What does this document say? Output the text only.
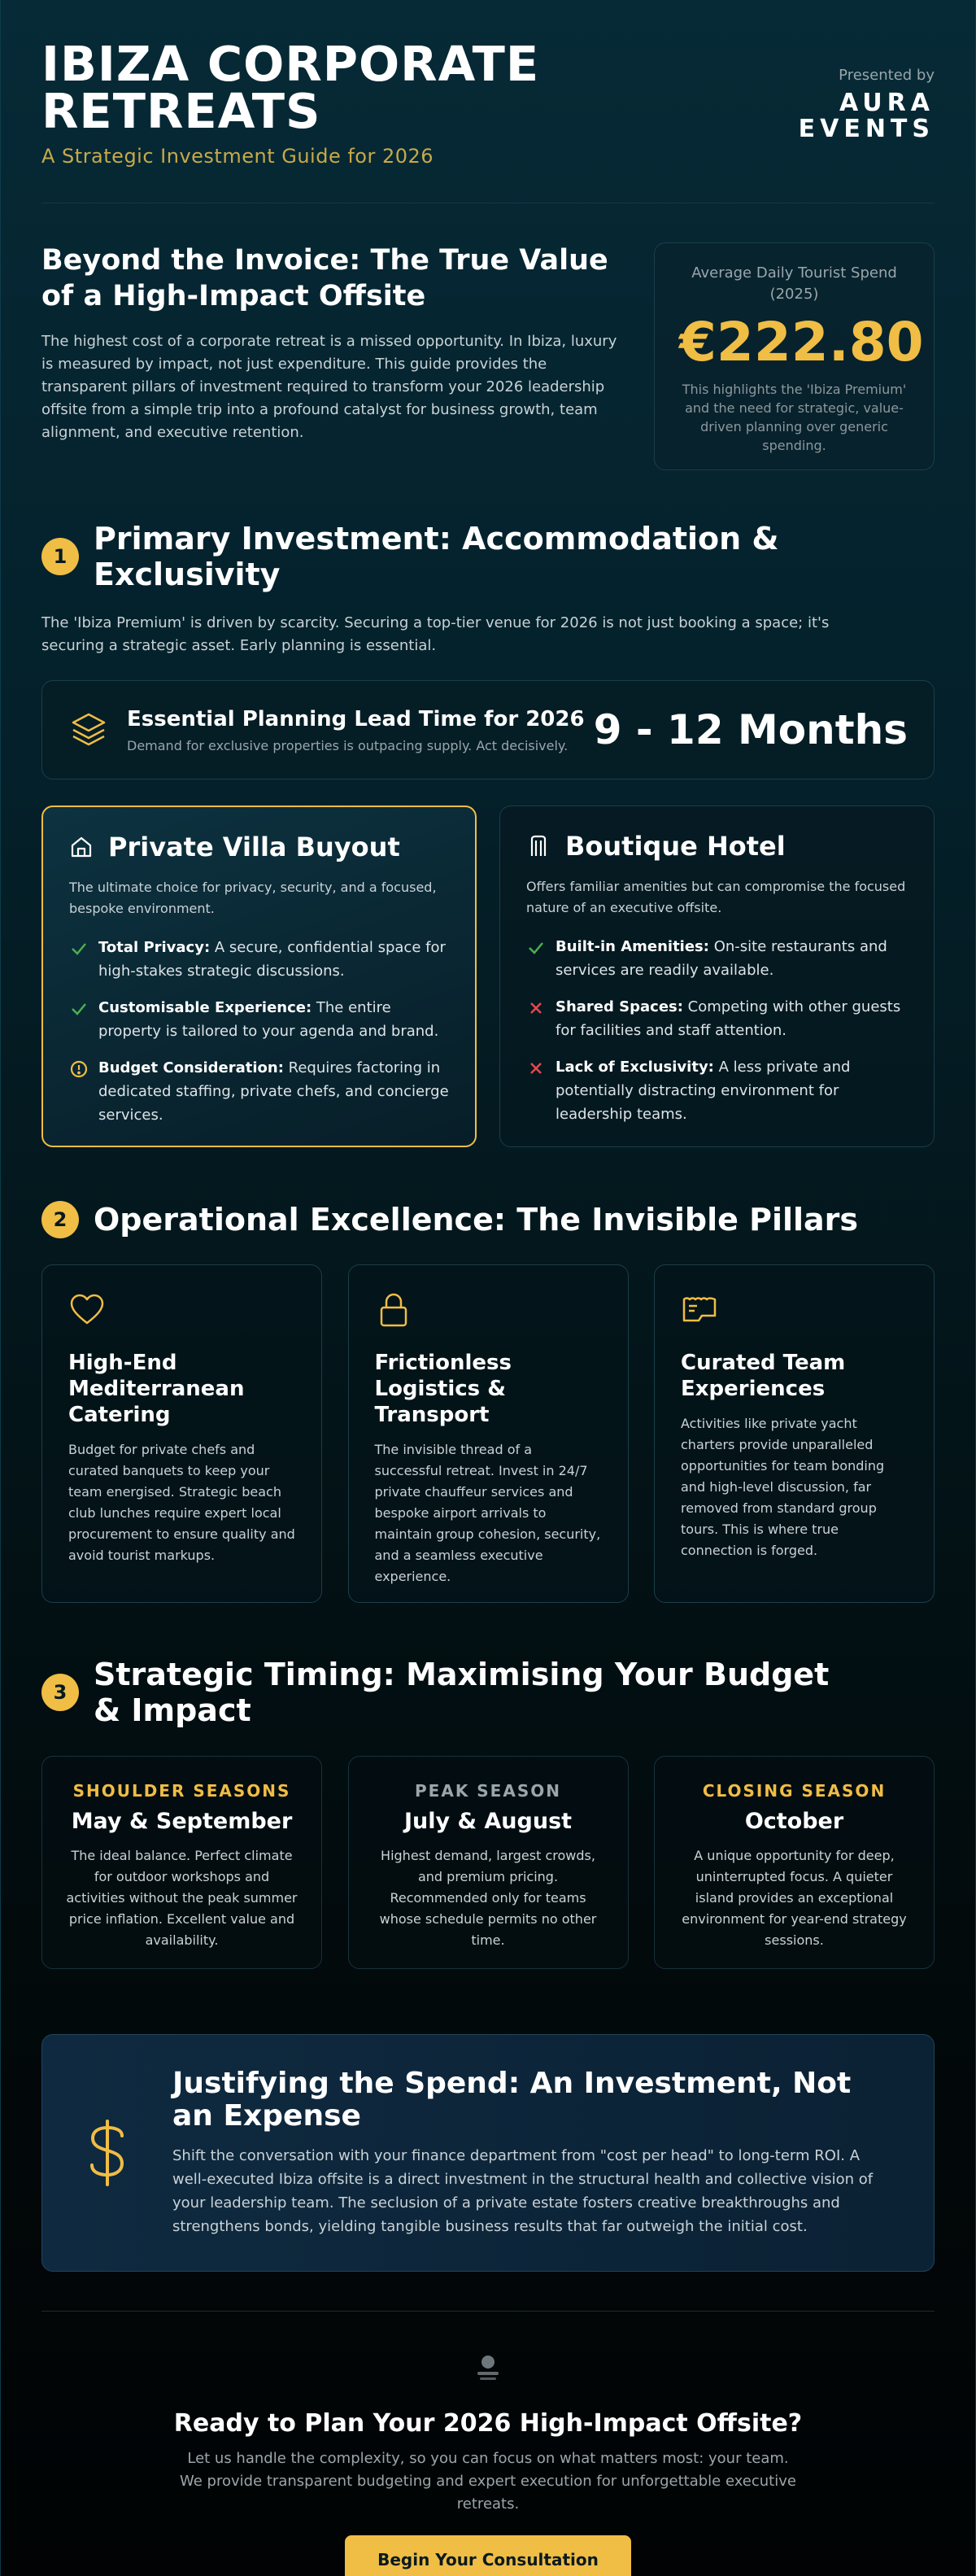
IBIZA CORPORATE
RETREATS
A Strategic Investment Guide for 2026
Presented by
AURA
EVENTS
Beyond the Invoice: The True Value of a High-Impact Offsite

The highest cost of a corporate retreat is a missed opportunity. In Ibiza, luxury is measured by impact, not just expenditure. This guide provides the transparent pillars of investment required to transform your 2026 leadership offsite from a simple trip into a profound catalyst for business growth, team alignment, and executive retention.

Average Daily Tourist Spend (2025)
€222.80
This highlights the 'Ibiza Premium' and the need for strategic, value-driven planning over generic spending.
1 Primary Investment: Accommodation & Exclusivity

The 'Ibiza Premium' is driven by scarcity. Securing a top-tier venue for 2026 is not just booking a space; it's securing a strategic asset. Early planning is essential.

Essential Planning Lead Time for 2026
Demand for exclusive properties is outpacing supply. Act decisively. 9 - 12 Months
Private Villa Buyout

The ultimate choice for privacy, security, and a focused, bespoke environment.

Total Privacy: A secure, confidential space for high-stakes strategic discussions.
Customisable Experience: The entire property is tailored to your agenda and brand.
Budget Consideration: Requires factoring in dedicated staffing, private chefs, and concierge services.
Boutique Hotel

Offers familiar amenities but can compromise the focused nature of an executive offsite.

Built-in Amenities: On-site restaurants and services are readily available.
Shared Spaces: Competing with other guests for facilities and staff attention.
Lack of Exclusivity: A less private and potentially distracting environment for leadership teams.
2 Operational Excellence: The Invisible Pillars
High-End Mediterranean Catering

Budget for private chefs and curated banquets to keep your team energised. Strategic beach club lunches require expert local procurement to ensure quality and avoid tourist markups.

Frictionless Logistics & Transport

The invisible thread of a successful retreat. Invest in 24/7 private chauffeur services and bespoke airport arrivals to maintain group cohesion, security, and a seamless executive experience.

Curated Team Experiences

Activities like private yacht charters provide unparalleled opportunities for team bonding and high-level discussion, far removed from standard group tours. This is where true connection is forged.

3 Strategic Timing: Maximising Your Budget & Impact
SHOULDER SEASONS
May & September

The ideal balance. Perfect climate for outdoor workshops and activities without the peak summer price inflation. Excellent value and availability.

PEAK SEASON
July & August

Highest demand, largest crowds, and premium pricing. Recommended only for teams whose schedule permits no other time.

CLOSING SEASON
October

A unique opportunity for deep, uninterrupted focus. A quieter island provides an exceptional environment for year-end strategy sessions.

Justifying the Spend: An Investment, Not an Expense

Shift the conversation with your finance department from "cost per head" to long-term ROI. A well-executed Ibiza offsite is a direct investment in the structural health and collective vision of your leadership team. The seclusion of a private estate fosters creative breakthroughs and strengthens bonds, yielding tangible business results that far outweigh the initial cost.

Ready to Plan Your 2026 High-Impact Offsite?
Let us handle the complexity, so you can focus on what matters most: your team.
We provide transparent budgeting and expert execution for unforgettable executive
retreats.
Begin Your Consultation
